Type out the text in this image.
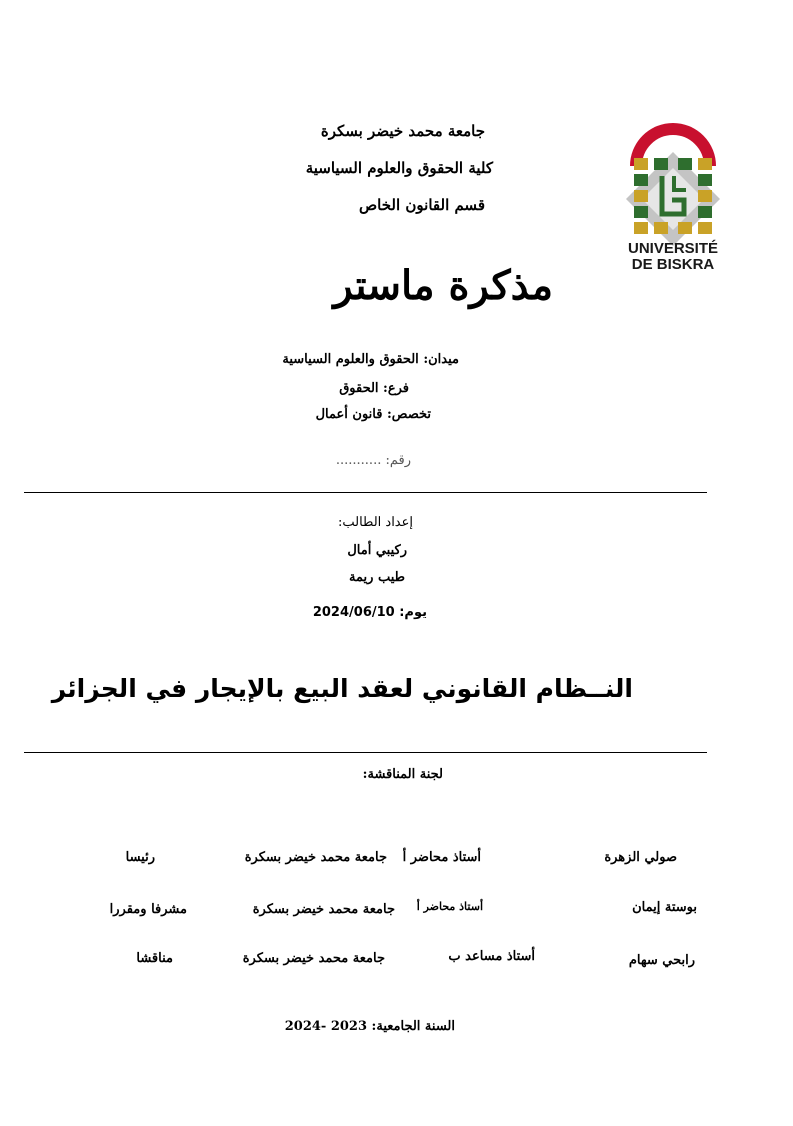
UNIVERSITÉ
DE BISKRA
جامعة محمد خيضر بسكرة
كلية الحقوق والعلوم السياسية
قسم القانون الخاص
مذكرة ماستر
ميدان: الحقوق والعلوم السياسية
فرع: الحقوق
تخصص: قانون أعمال
رقم: ...........
إعداد الطالب:
ركيبي أمال
طيب ريمة
يوم: 2024/06/10
النــظام القانوني لعقد البيع بالإيجار في الجزائر
لجنة المناقشة:
صولي الزهرة
أستاذ محاضر أ
جامعة محمد خيضر بسكرة
رئيسا
بوستة إيمان
أستاذ محاضر أ
جامعة محمد خيضر بسكرة
مشرفا ومقررا
رابحي سهام
أستاذ مساعد ب
جامعة محمد خيضر بسكرة
مناقشا
السنة الجامعية: 2023 -2024
